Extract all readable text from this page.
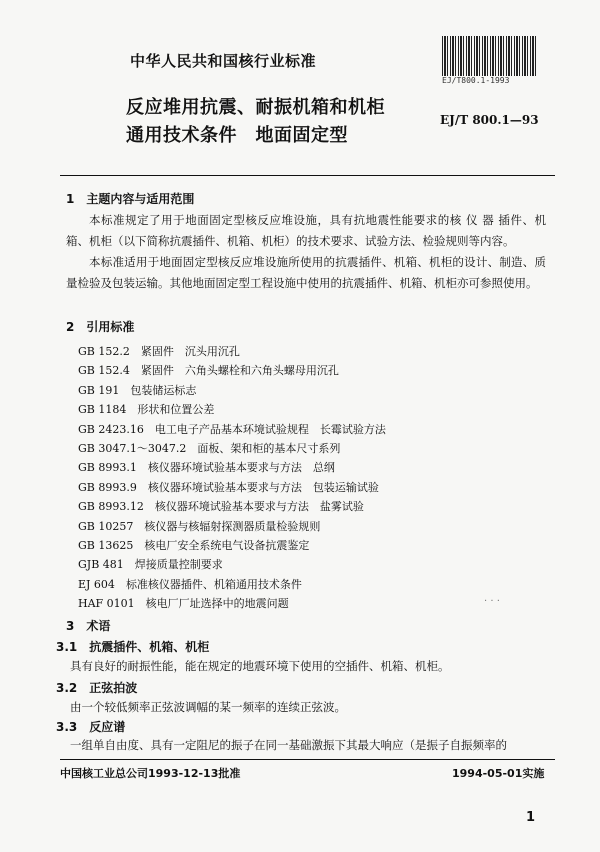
EJ/T800.1-1993
中华人民共和国核行业标准
反应堆用抗震、耐振机箱和机柜
通用技术条件　地面固定型
EJ/T 800.1—93
1　主题内容与适用范围
本标准规定了用于地面固定型核反应堆设施，具有抗地震性能要求的核 仪 器 插件、机箱、机柜（以下简称抗震插件、机箱、机柜）的技术要求、试验方法、检验规则等内容。
本标准适用于地面固定型核反应堆设施所使用的抗震插件、机箱、机柜的设计、制造、质量检验及包装运输。其他地面固定型工程设施中使用的抗震插件、机箱、机柜亦可参照使用。
2　引用标准
GB 152.2　 紧固件　沉头用沉孔
GB 152.4　 紧固件　六角头螺栓和六角头螺母用沉孔
GB 191　 包装储运标志
GB 1184　 形状和位置公差
GB 2423.16　 电工电子产品基本环境试验规程　长霉试验方法
GB 3047.1～3047.2　 面板、架和柜的基本尺寸系列
GB 8993.1　 核仪器环境试验基本要求与方法　总纲
GB 8993.9　 核仪器环境试验基本要求与方法　包装运输试验
GB 8993.12　 核仪器环境试验基本要求与方法　盐雾试验
GB 10257　 核仪器与核辐射探测器质量检验规则
GB 13625　 核电厂安全系统电气设备抗震鉴定
GJB 481　 焊接质量控制要求
EJ 604　 标准核仪器插件、机箱通用技术条件
HAF 0101　 核电厂厂址选择中的地震问题	· · ·
3　术语
3.1　抗震插件、机箱、机柜
具有良好的耐振性能，能在规定的地震环境下使用的空插件、机箱、机柜。
3.2　正弦拍波
由一个较低频率正弦波调幅的某一频率的连续正弦波。
中国核工业总公司1993-12-13批准	1994-05-01实施
1
3.3　反应谱
一组单自由度、具有一定阻尼的振子在同一基础激振下其最大响应（是振子自振频率的
